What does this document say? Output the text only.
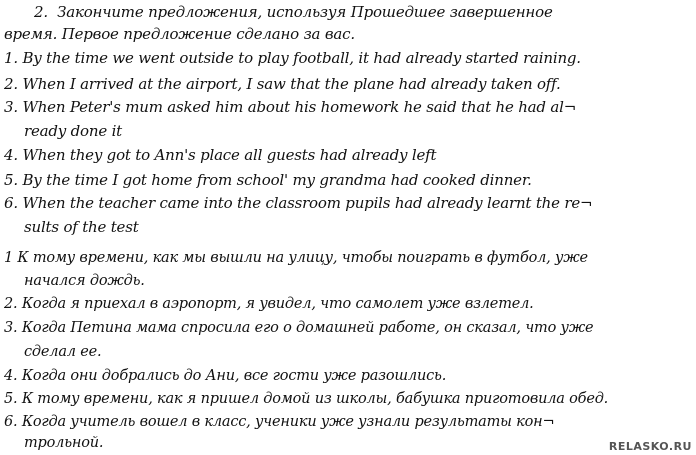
2. Закончите предложения, используя Прошедшее завершенное
время. Первое предложение сделано за вас.
1. By the time we went outside to play football, it had already started raining.
2. When I arrived at the airport, I saw that the plane had already taken off.
3. When Peter's mum asked him about his homework he said that he had al¬
ready done it
4. When they got to Ann's place all guests had already left
5. By the time I got home from school' my grandma had cooked dinner.
6. When the teacher came into the classroom pupils had already learnt the re¬
sults of the test
1 К тому времени, как мы вышли на улицу, чтобы поиграть в футбол, уже
начался дождь.
2. Когда я приехал в аэропорт, я увидел, что самолет уже взлетел.
3. Когда Петина мама спросила его о домашней работе, он сказал, что уже
сделал ее.
4. Когда они добрались до Ани, все гости уже разошлись.
5. К тому времени, как я пришел домой из школы, бабушка приготовила обед.
6. Когда учитель вошел в класс, ученики уже узнали результаты кон¬
трольной.	RELASKO.RU
